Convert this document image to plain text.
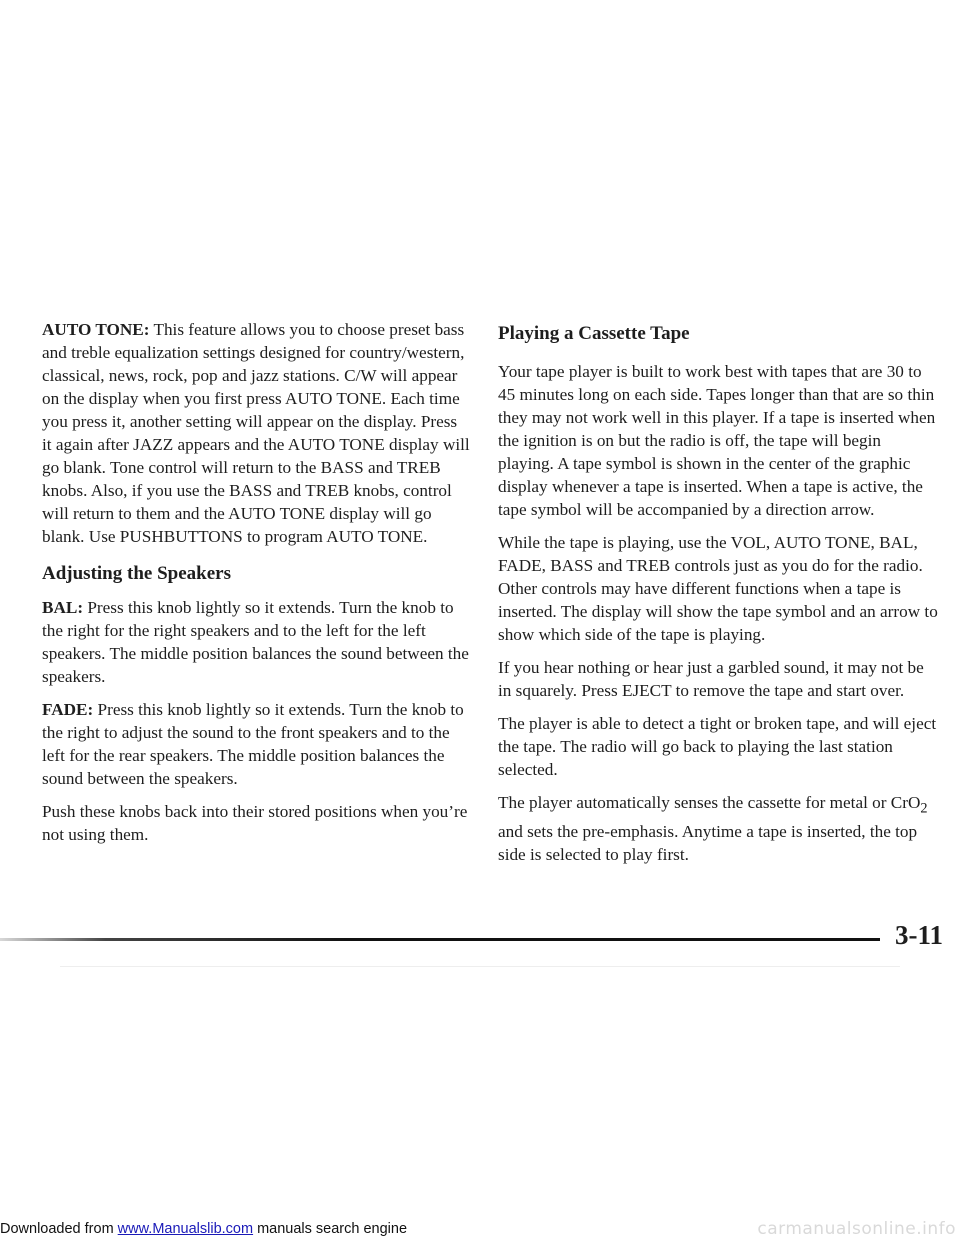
AUTO TONE: This feature allows you to choose preset bass and treble equalization settings designed for country/western, classical, news, rock, pop and jazz stations. C/W will appear on the display when you first press AUTO TONE. Each time you press it, another setting will appear on the display. Press it again after JAZZ appears and the AUTO TONE display will go blank. Tone control will return to the BASS and TREB knobs. Also, if you use the BASS and TREB knobs, control will return to them and the AUTO TONE display will go blank. Use PUSHBUTTONS to program AUTO TONE.

Adjusting the Speakers

BAL: Press this knob lightly so it extends. Turn the knob to the right for the right speakers and to the left for the left speakers. The middle position balances the sound between the speakers.

FADE: Press this knob lightly so it extends. Turn the knob to the right to adjust the sound to the front speakers and to the left for the rear speakers. The middle position balances the sound between the speakers.

Push these knobs back into their stored positions when you’re not using them.

Playing a Cassette Tape

Your tape player is built to work best with tapes that are 30 to 45 minutes long on each side. Tapes longer than that are so thin they may not work well in this player. If a tape is inserted when the ignition is on but the radio is off, the tape will begin playing. A tape symbol is shown in the center of the graphic display whenever a tape is inserted. When a tape is active, the tape symbol will be accompanied by a direction arrow.

While the tape is playing, use the VOL, AUTO TONE, BAL, FADE, BASS and TREB controls just as you do for the radio. Other controls may have different functions when a tape is inserted. The display will show the tape symbol and an arrow to show which side of the tape is playing.

If you hear nothing or hear just a garbled sound, it may not be in squarely. Press EJECT to remove the tape and start over.

The player is able to detect a tight or broken tape, and will eject the tape. The radio will go back to playing the last station selected.

The player automatically senses the cassette for metal or CrO$_2$ and sets the pre-emphasis. Anytime a tape is inserted, the top side is selected to play first.

3-11
Downloaded from www.Manualslib.com manuals search engine	carmanualsonline.info
